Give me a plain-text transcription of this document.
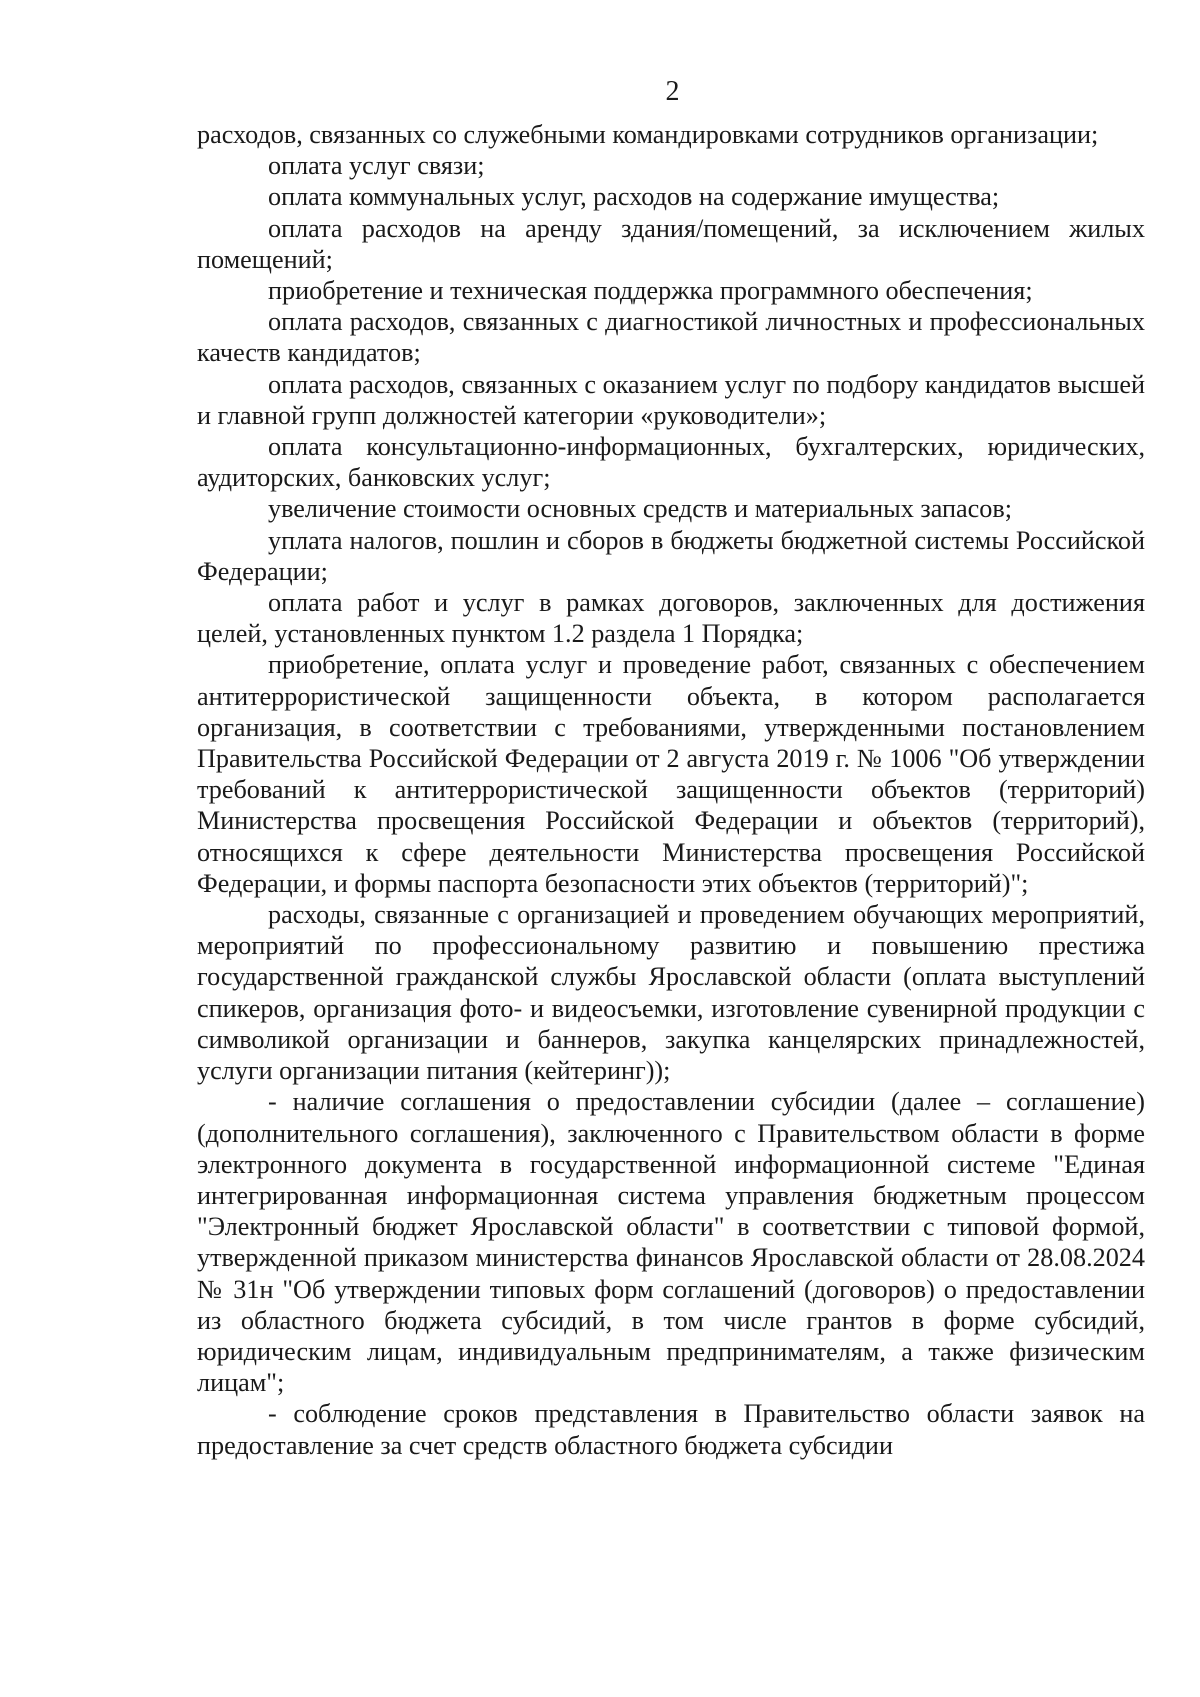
2

расходов, связанных со служебными командировками сотрудников организации;

оплата услуг связи;

оплата коммунальных услуг, расходов на содержание имущества;

оплата расходов на аренду здания/помещений, за исключением жилых помещений;

приобретение и техническая поддержка программного обеспечения;

оплата расходов, связанных с диагностикой личностных и профессиональных качеств кандидатов;

оплата расходов, связанных с оказанием услуг по подбору кандидатов высшей и главной групп должностей категории «руководители»;

оплата консультационно-информационных, бухгалтерских, юридических, аудиторских, банковских услуг;

увеличение стоимости основных средств и материальных запасов;

уплата налогов, пошлин и сборов в бюджеты бюджетной системы Российской Федерации;

оплата работ и услуг в рамках договоров, заключенных для достижения целей, установленных пунктом 1.2 раздела 1 Порядка;

приобретение, оплата услуг и проведение работ, связанных с обеспечением антитеррористической защищенности объекта, в котором располагается организация, в соответствии с требованиями, утвержденными постановлением Правительства Российской Федерации от 2 августа 2019 г. № 1006 "Об утверждении требований к антитеррористической защищенности объектов (территорий) Министерства просвещения Российской Федерации и объектов (территорий), относящихся к сфере деятельности Министерства просвещения Российской Федерации, и формы паспорта безопасности этих объектов (территорий)";

расходы, связанные с организацией и проведением обучающих мероприятий, мероприятий по профессиональному развитию и повышению престижа государственной гражданской службы Ярославской области (оплата выступлений спикеров, организация фото- и видеосъемки, изготовление сувенирной продукции с символикой организации и баннеров, закупка канцелярских принадлежностей, услуги организации питания (кейтеринг));

- наличие соглашения о предоставлении субсидии (далее – соглашение) (дополнительного соглашения), заключенного с Правительством области в форме электронного документа в государственной информационной системе "Единая интегрированная информационная система управления бюджетным процессом "Электронный бюджет Ярославской области" в соответствии с типовой формой, утвержденной приказом министерства финансов Ярославской области от 28.08.2024 № 31н "Об утверждении типовых форм соглашений (договоров) о предоставлении из областного бюджета субсидий, в том числе грантов в форме субсидий, юридическим лицам, индивидуальным предпринимателям, а также физическим лицам";

- соблюдение сроков представления в Правительство области заявок на предоставление за счет средств областного бюджета субсидии
